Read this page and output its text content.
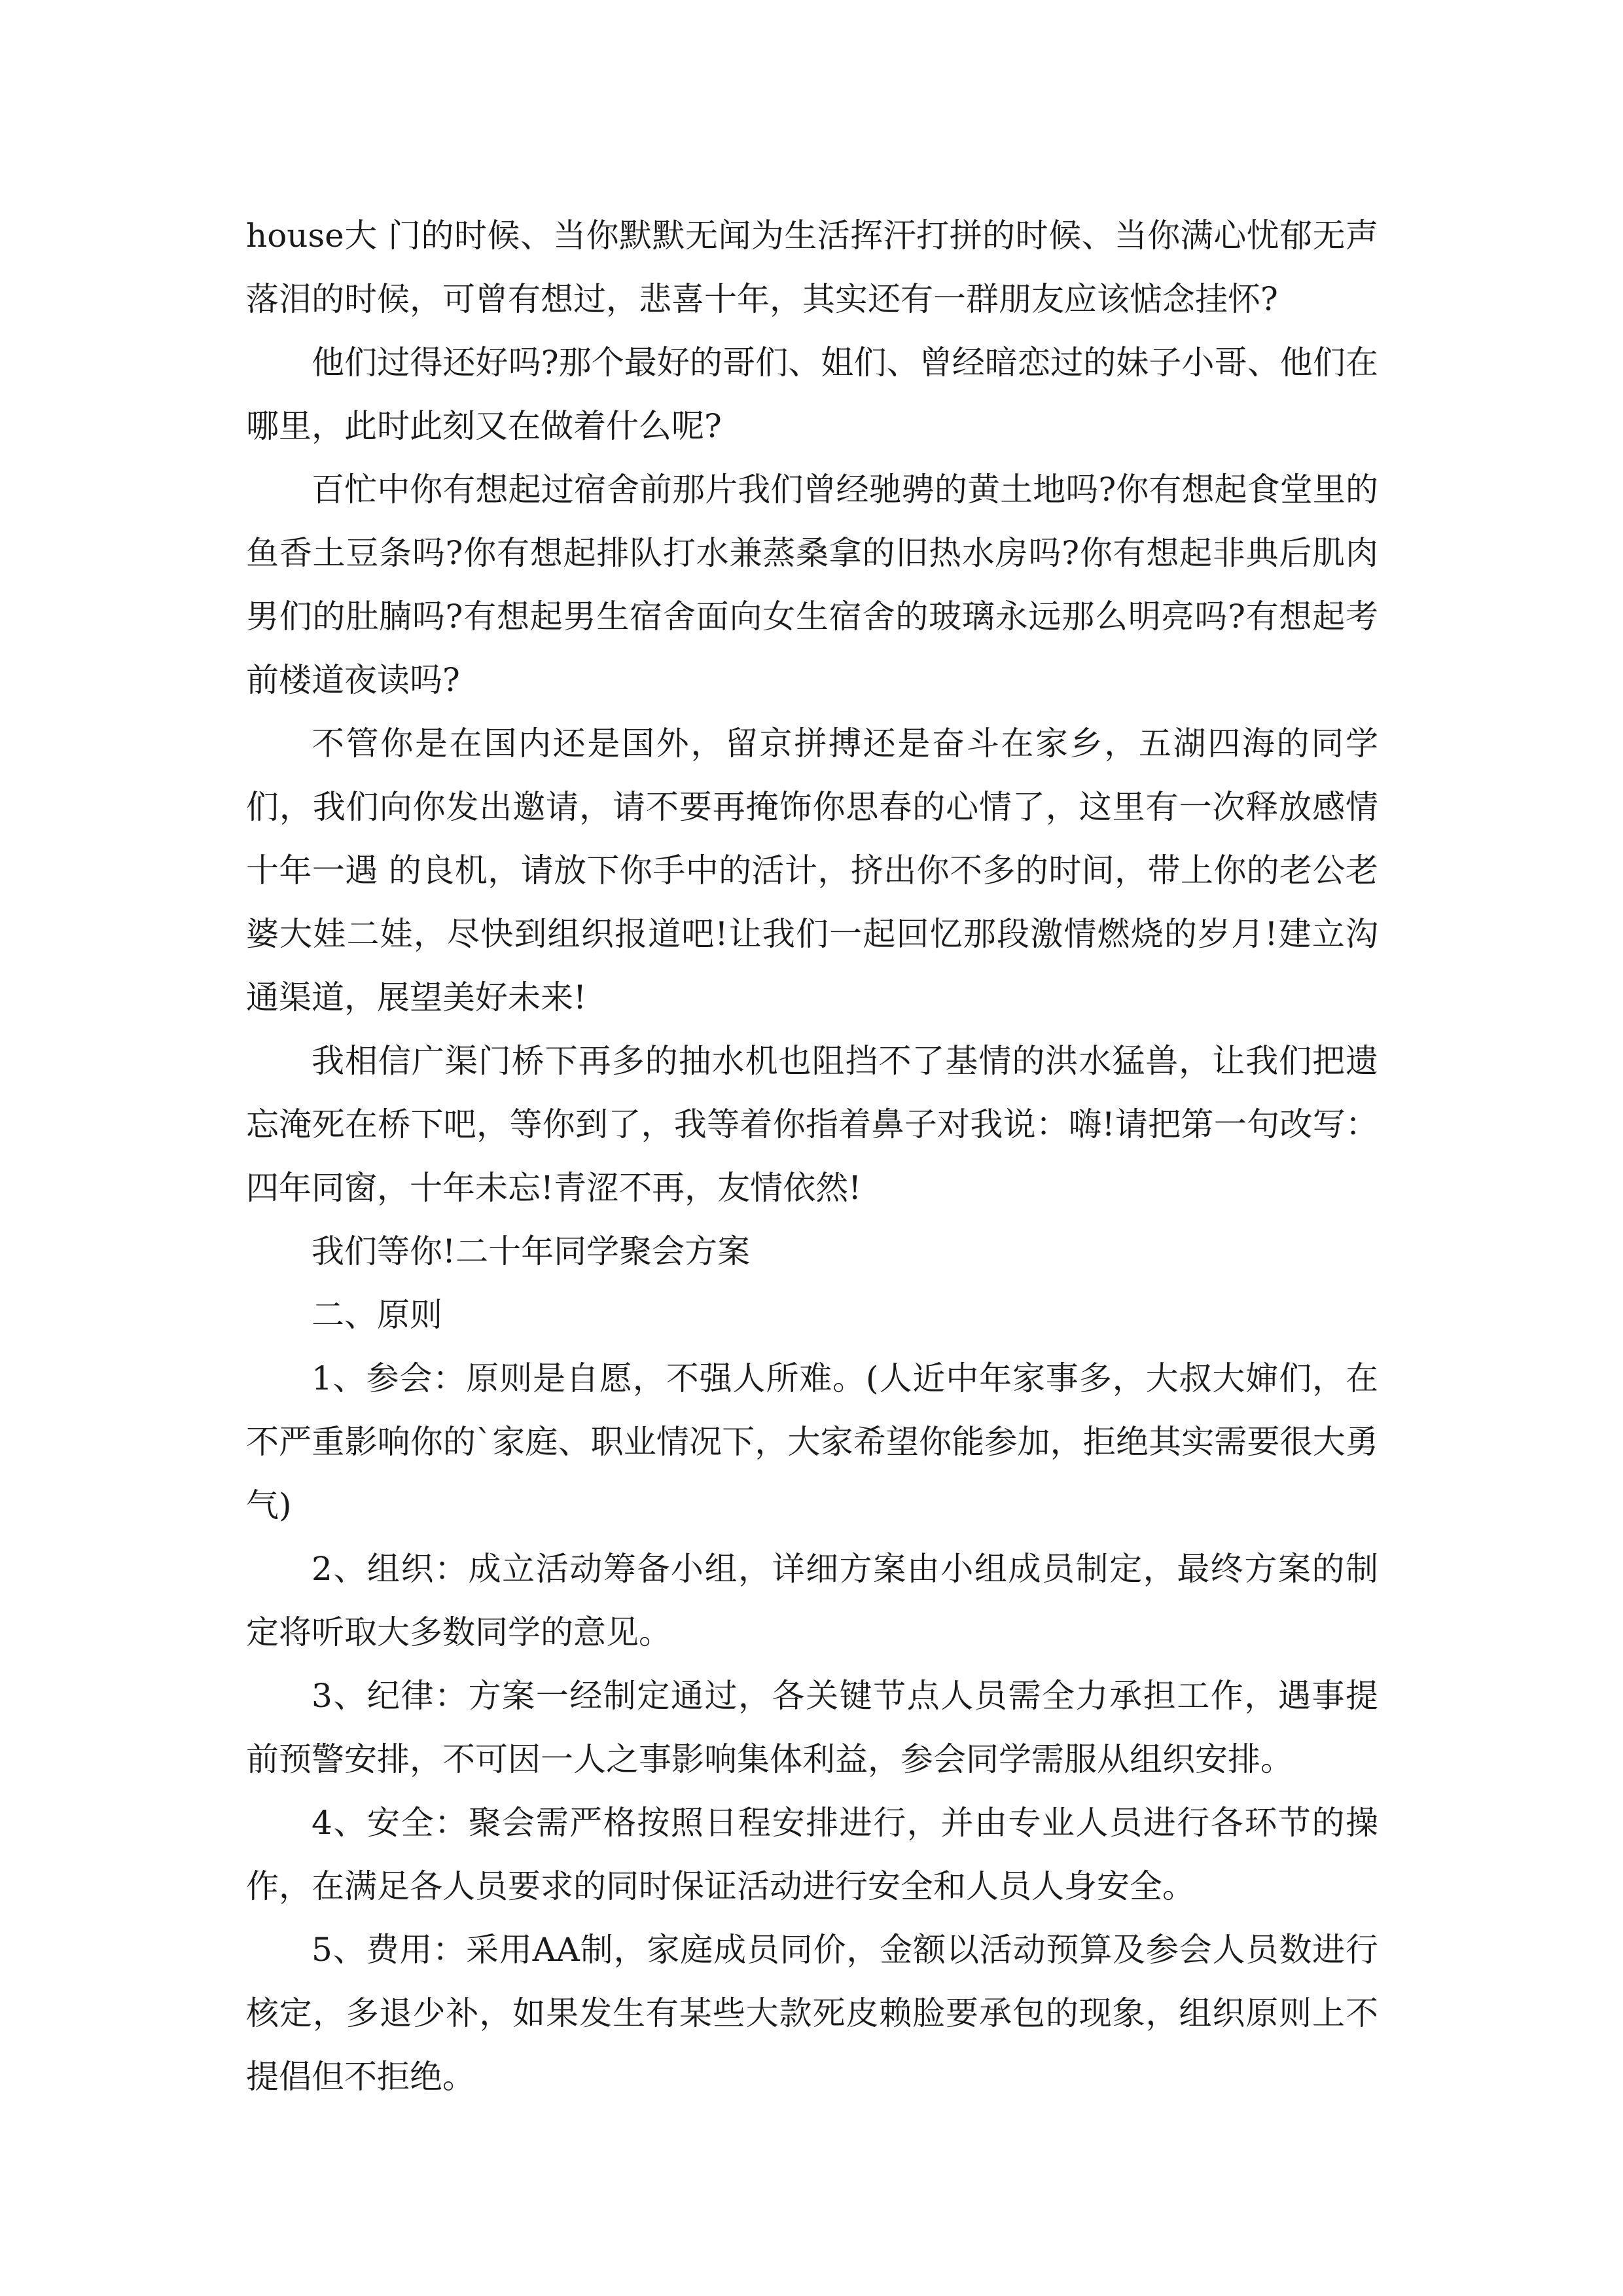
house大 门的时候、当你默默无闻为生活挥汗打拼的时候、当你满心忧郁无声落泪的时候，可曾有想过，悲喜十年，其实还有一群朋友应该惦念挂怀?

他们过得还好吗?那个最好的哥们、姐们、曾经暗恋过的妹子小哥、他们在哪里，此时此刻又在做着什么呢?

百忙中你有想起过宿舍前那片我们曾经驰骋的黄土地吗?你有想起食堂里的鱼香土豆条吗?你有想起排队打水兼蒸桑拿的旧热水房吗?你有想起非典后肌肉男们的肚腩吗?有想起男生宿舍面向女生宿舍的玻璃永远那么明亮吗?有想起考前楼道夜读吗?

不管你是在国内还是国外，留京拼搏还是奋斗在家乡，五湖四海的同学们，我们向你发出邀请，请不要再掩饰你思春的心情了，这里有一次释放感情十年一遇 的良机，请放下你手中的活计，挤出你不多的时间，带上你的老公老婆大娃二娃，尽快到组织报道吧!让我们一起回忆那段激情燃烧的岁月!建立沟通渠道，展望美好未来!

我相信广渠门桥下再多的抽水机也阻挡不了基情的洪水猛兽，让我们把遗忘淹死在桥下吧，等你到了，我等着你指着鼻子对我说：嗨!请把第一句改写：四年同窗，十年未忘!青涩不再，友情依然!

我们等你!二十年同学聚会方案

二、原则

1、参会：原则是自愿，不强人所难。(人近中年家事多，大叔大婶们，在不严重影响你的`家庭、职业情况下，大家希望你能参加，拒绝其实需要很大勇气)

2、组织：成立活动筹备小组，详细方案由小组成员制定，最终方案的制定将听取大多数同学的意见。

3、纪律：方案一经制定通过，各关键节点人员需全力承担工作，遇事提前预警安排，不可因一人之事影响集体利益，参会同学需服从组织安排。

4、安全：聚会需严格按照日程安排进行，并由专业人员进行各环节的操作，在满足各人员要求的同时保证活动进行安全和人员人身安全。

5、费用：采用AA制，家庭成员同价，金额以活动预算及参会人员数进行核定，多退少补，如果发生有某些大款死皮赖脸要承包的现象，组织原则上不提倡但不拒绝。
